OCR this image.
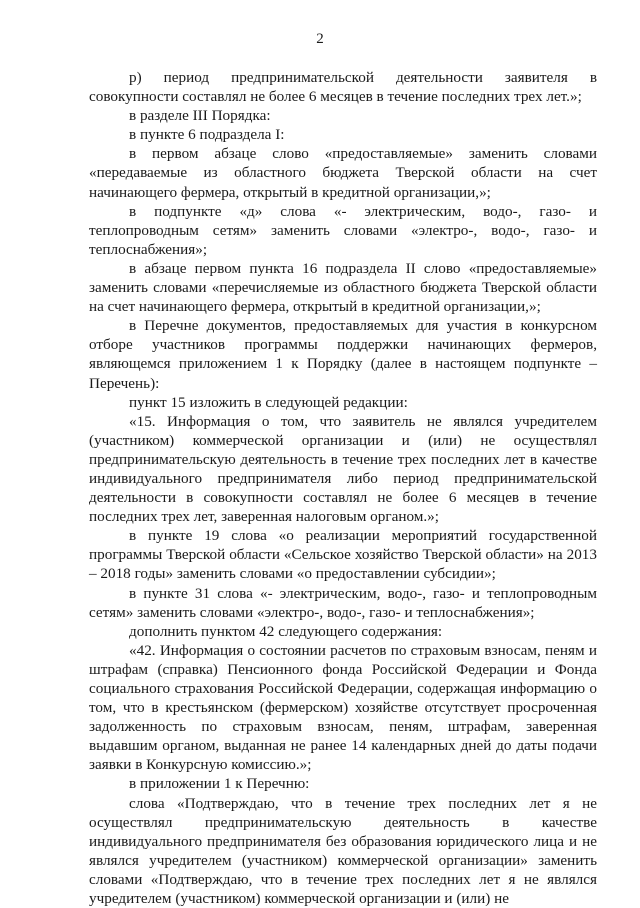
2

р) период предпринимательской деятельности заявителя в совокупности составлял не более 6 месяцев в течение последних трех лет.»;

в разделе III Порядка:

в пункте 6 подраздела I:

в первом абзаце слово «предоставляемые» заменить словами «передаваемые из областного бюджета Тверской области на счет начинающего фермера, открытый в кредитной организации,»;

в подпункте «д» слова «- электрическим, водо-, газо- и теплопроводным сетям» заменить словами «электро-, водо-, газо- и теплоснабжения»;

в абзаце первом пункта 16 подраздела II слово «предоставляемые» заменить словами «перечисляемые из областного бюджета Тверской области на счет начинающего фермера, открытый в кредитной организации,»;

в Перечне документов, предоставляемых для участия в конкурсном отборе участников программы поддержки начинающих фермеров, являющемся приложением 1 к Порядку (далее в настоящем подпункте – Перечень):

пункт 15 изложить в следующей редакции:

«15. Информация о том, что заявитель не являлся учредителем (участником) коммерческой организации и (или) не осуществлял предпринимательскую деятельность в течение трех последних лет в качестве индивидуального предпринимателя либо период предпринимательской деятельности в совокупности составлял не более 6 месяцев в течение последних трех лет, заверенная налоговым органом.»;

в пункте 19 слова «о реализации мероприятий государственной программы Тверской области «Сельское хозяйство Тверской области» на 2013 – 2018 годы» заменить словами «о предоставлении субсидии»;

в пункте 31 слова «- электрическим, водо-, газо- и теплопроводным сетям» заменить словами «электро-, водо-, газо- и теплоснабжения»;

дополнить пунктом 42 следующего содержания:

«42. Информация о состоянии расчетов по страховым взносам, пеням и штрафам (справка) Пенсионного фонда Российской Федерации и Фонда социального страхования Российской Федерации, содержащая информацию о том, что в крестьянском (фермерском) хозяйстве отсутствует просроченная задолженность по страховым взносам, пеням, штрафам, заверенная выдавшим органом, выданная не ранее 14 календарных дней до даты подачи заявки в Конкурсную комиссию.»;

в приложении 1 к Перечню:

слова «Подтверждаю, что в течение трех последних лет я не осуществлял предпринимательскую деятельность в качестве индивидуального предпринимателя без образования юридического лица и не являлся учредителем (участником) коммерческой организации» заменить словами «Подтверждаю, что в течение трех последних лет я не являлся учредителем (участником) коммерческой организации и (или) не
